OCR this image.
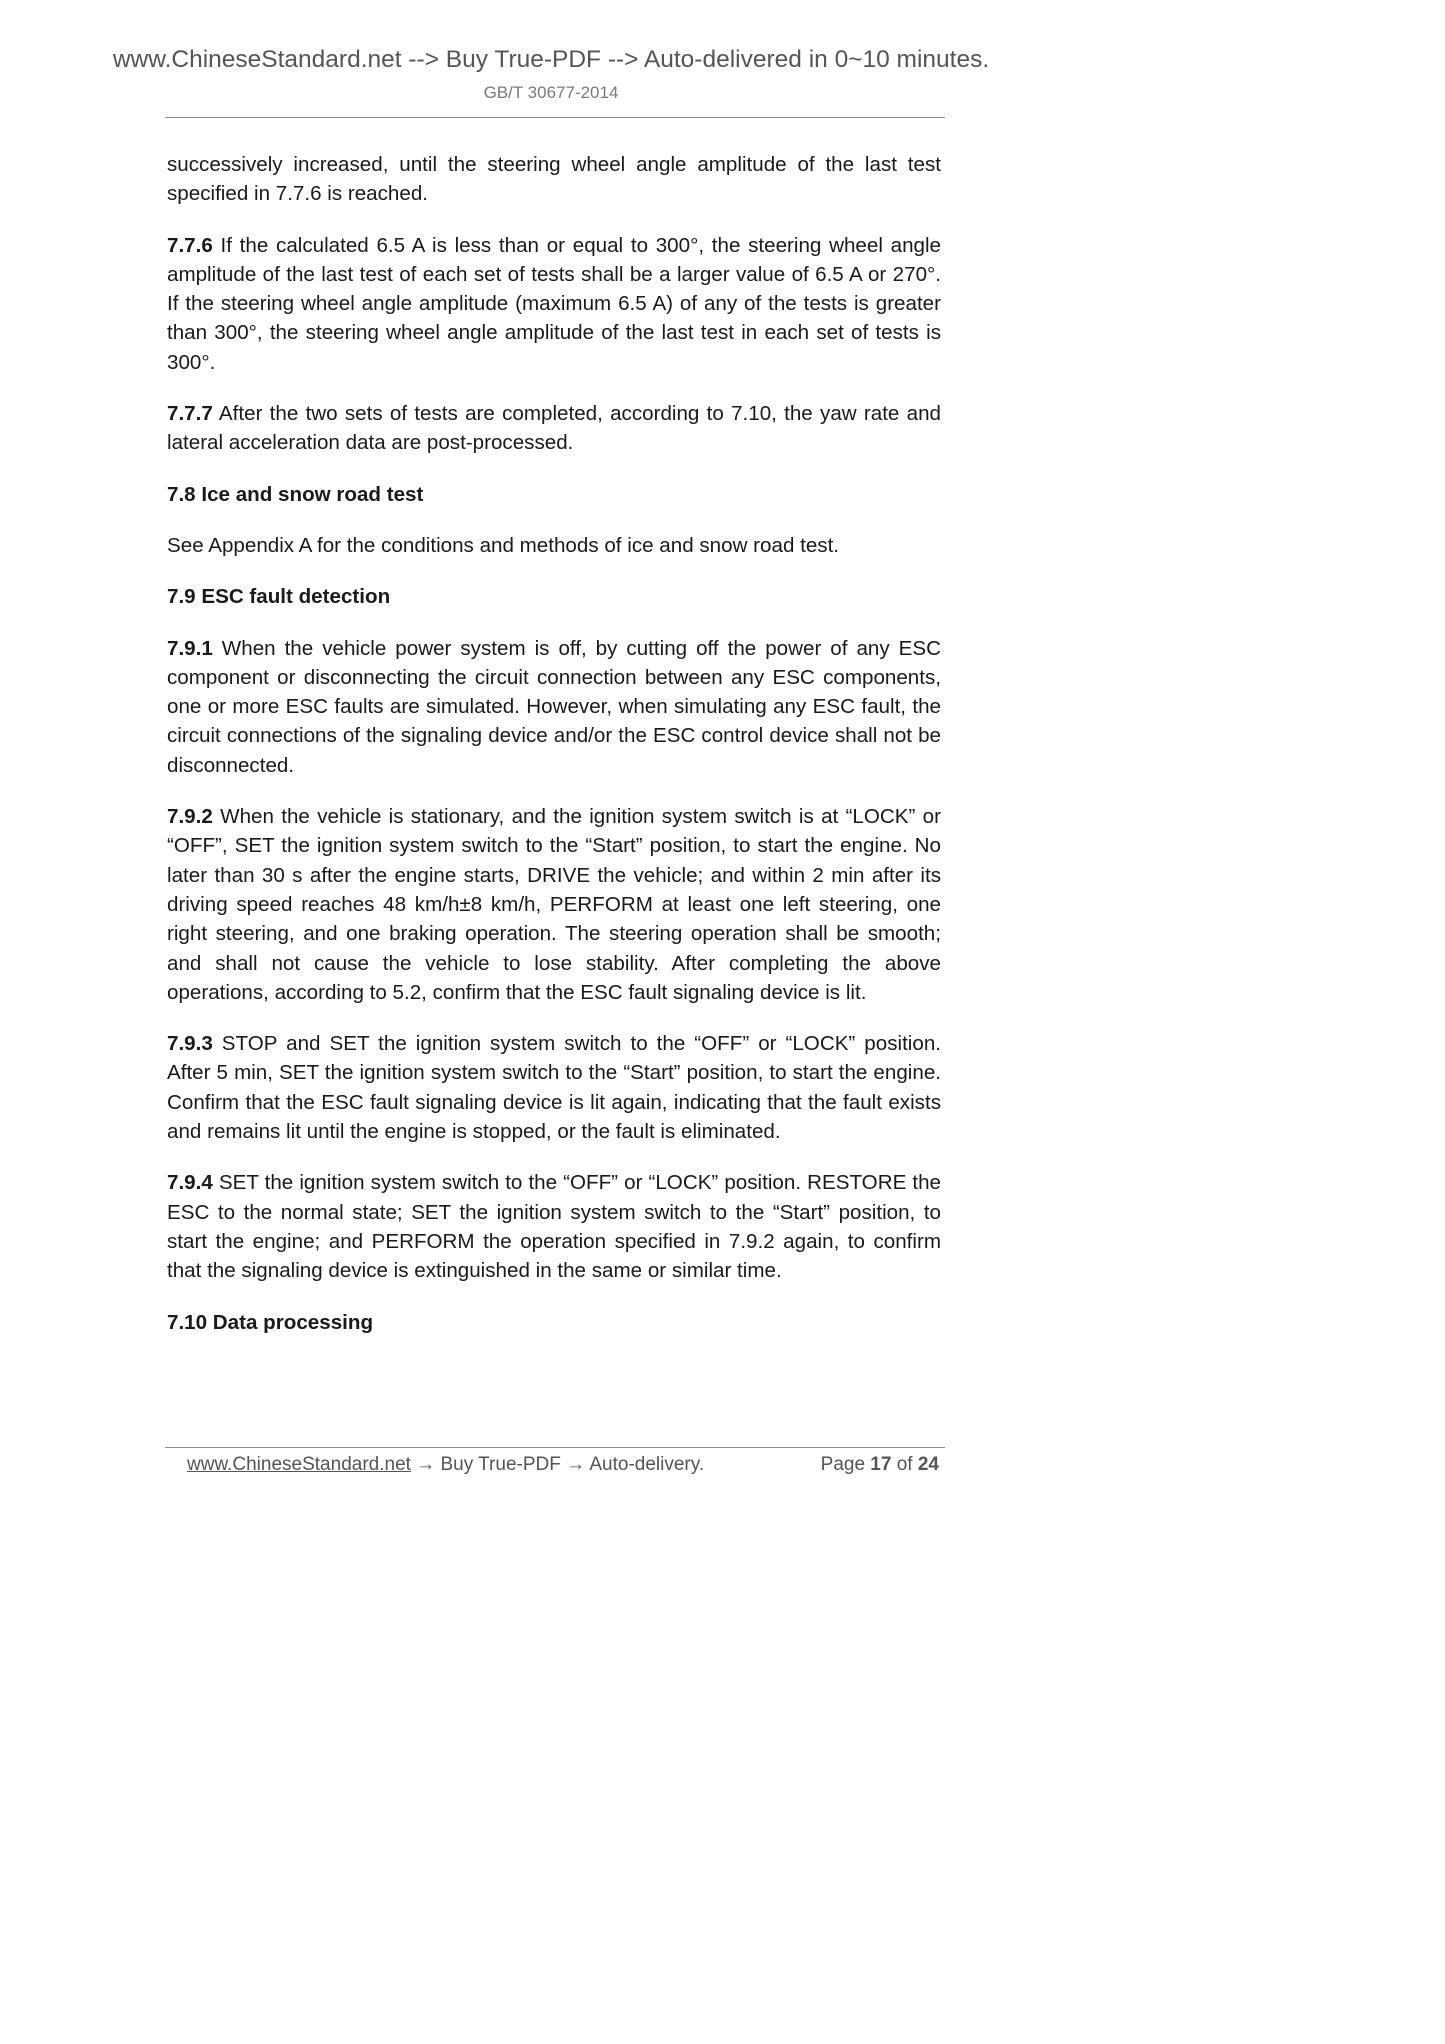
www.ChineseStandard.net --> Buy True-PDF --> Auto-delivered in 0~10 minutes.
GB/T 30677-2014

successively increased, until the steering wheel angle amplitude of the last test specified in 7.7.6 is reached.

7.7.6 If the calculated 6.5 A is less than or equal to 300°, the steering wheel angle amplitude of the last test of each set of tests shall be a larger value of 6.5 A or 270°. If the steering wheel angle amplitude (maximum 6.5 A) of any of the tests is greater than 300°, the steering wheel angle amplitude of the last test in each set of tests is 300°.

7.7.7 After the two sets of tests are completed, according to 7.10, the yaw rate and lateral acceleration data are post-processed.

7.8 Ice and snow road test

See Appendix A for the conditions and methods of ice and snow road test.

7.9 ESC fault detection

7.9.1 When the vehicle power system is off, by cutting off the power of any ESC component or disconnecting the circuit connection between any ESC components, one or more ESC faults are simulated. However, when simulating any ESC fault, the circuit connections of the signaling device and/or the ESC control device shall not be disconnected.

7.9.2 When the vehicle is stationary, and the ignition system switch is at “LOCK” or “OFF”, SET the ignition system switch to the “Start” position, to start the engine. No later than 30 s after the engine starts, DRIVE the vehicle; and within 2 min after its driving speed reaches 48 km/h±8 km/h, PERFORM at least one left steering, one right steering, and one braking operation. The steering operation shall be smooth; and shall not cause the vehicle to lose stability. After completing the above operations, according to 5.2, confirm that the ESC fault signaling device is lit.

7.9.3 STOP and SET the ignition system switch to the “OFF” or “LOCK” position. After 5 min, SET the ignition system switch to the “Start” position, to start the engine. Confirm that the ESC fault signaling device is lit again, indicating that the fault exists and remains lit until the engine is stopped, or the fault is eliminated.

7.9.4 SET the ignition system switch to the “OFF” or “LOCK” position. RESTORE the ESC to the normal state; SET the ignition system switch to the “Start” position, to start the engine; and PERFORM the operation specified in 7.9.2 again, to confirm that the signaling device is extinguished in the same or similar time.

7.10 Data processing
www.ChineseStandard.net → Buy True-PDF → Auto-delivery.	Page 17 of 24
